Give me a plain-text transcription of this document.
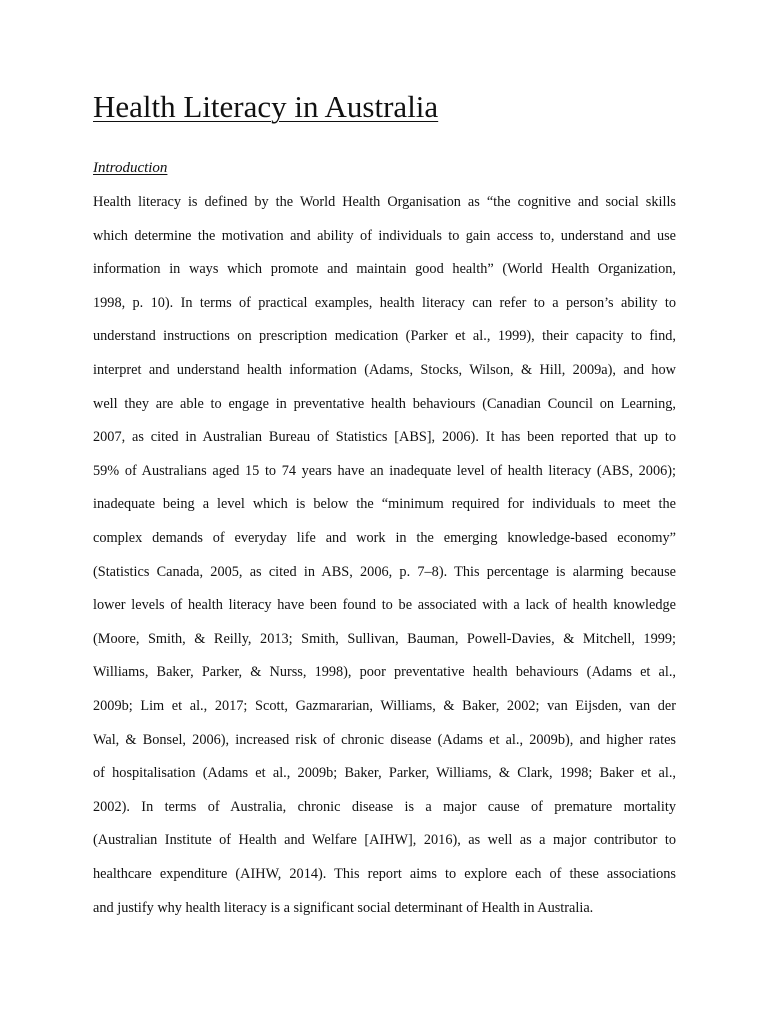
Health Literacy in Australia
Introduction
Health literacy is defined by the World Health Organisation as “the cognitive and social skills
which determine the motivation and ability of individuals to gain access to, understand and use
information in ways which promote and maintain good health” (World Health Organization,
1998, p. 10). In terms of practical examples, health literacy can refer to a person’s ability to
understand instructions on prescription medication (Parker et al., 1999), their capacity to find,
interpret and understand health information (Adams, Stocks, Wilson, & Hill, 2009a), and how
well they are able to engage in preventative health behaviours (Canadian Council on Learning,
2007, as cited in Australian Bureau of Statistics [ABS], 2006). It has been reported that up to
59% of Australians aged 15 to 74 years have an inadequate level of health literacy (ABS, 2006);
inadequate being a level which is below the “minimum required for individuals to meet the
complex demands of everyday life and work in the emerging knowledge-based economy”
(Statistics Canada, 2005, as cited in ABS, 2006, p. 7–8). This percentage is alarming because
lower levels of health literacy have been found to be associated with a lack of health knowledge
(Moore, Smith, & Reilly, 2013; Smith, Sullivan, Bauman, Powell-Davies, & Mitchell, 1999;
Williams, Baker, Parker, & Nurss, 1998), poor preventative health behaviours (Adams et al.,
2009b; Lim et al., 2017; Scott, Gazmararian, Williams, & Baker, 2002; van Eijsden, van der
Wal, & Bonsel, 2006), increased risk of chronic disease (Adams et al., 2009b), and higher rates
of hospitalisation (Adams et al., 2009b; Baker, Parker, Williams, & Clark, 1998; Baker et al.,
2002). In terms of Australia, chronic disease is a major cause of premature mortality
(Australian Institute of Health and Welfare [AIHW], 2016), as well as a major contributor to
healthcare expenditure (AIHW, 2014). This report aims to explore each of these associations
and justify why health literacy is a significant social determinant of Health in Australia.
